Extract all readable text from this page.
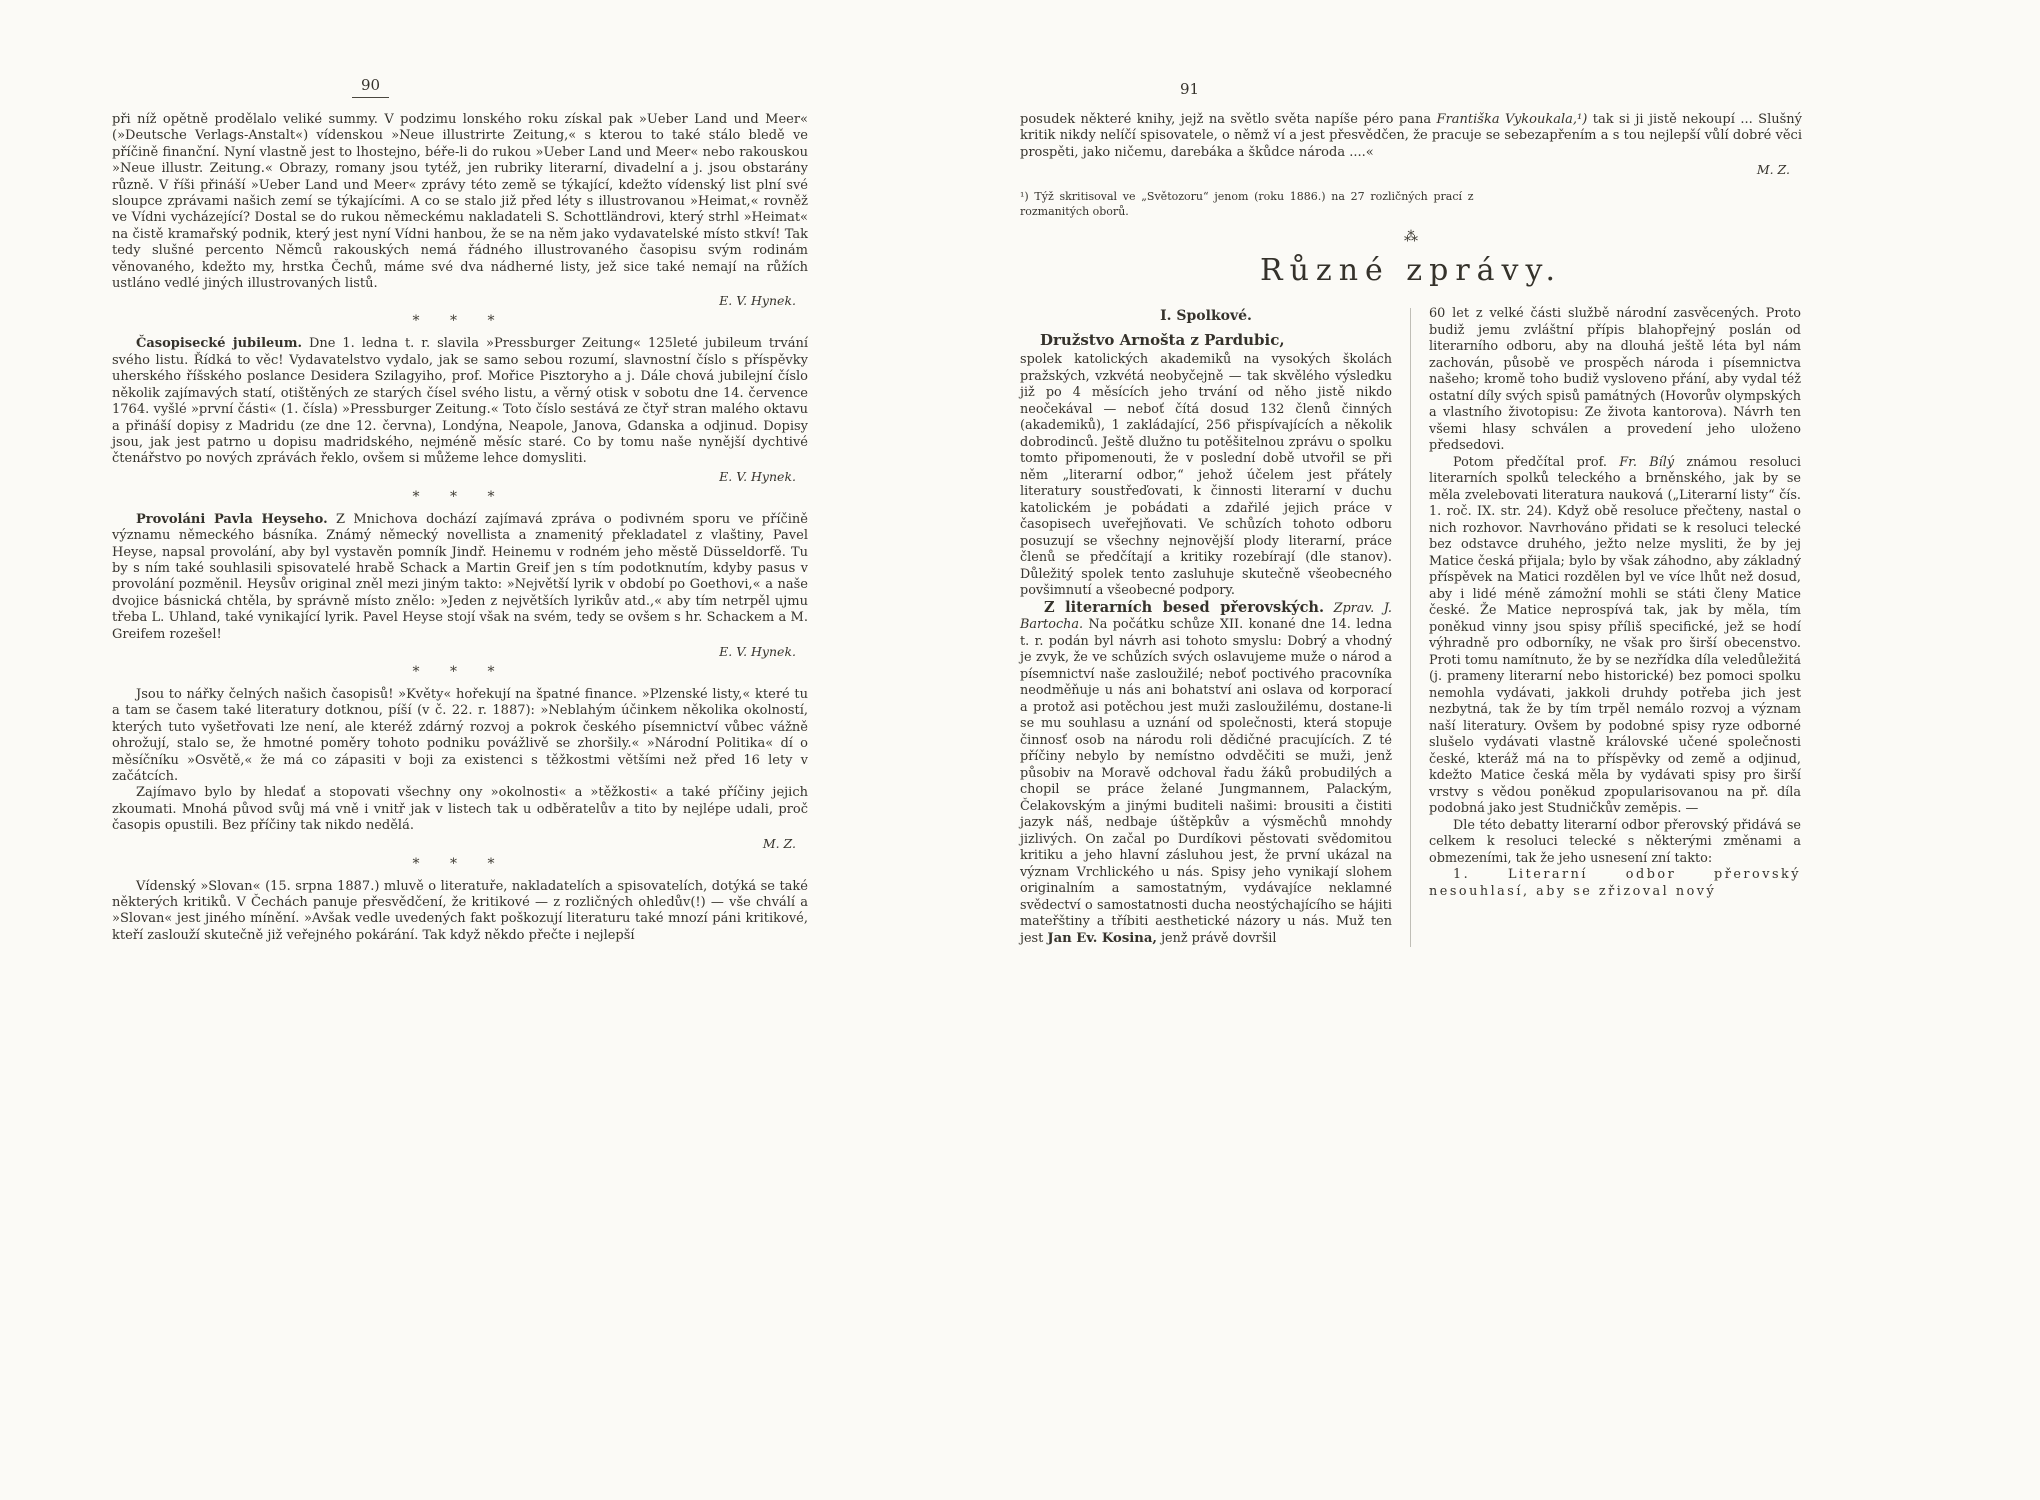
90

při níž opětně prodělalo veliké summy. V podzimu lonského roku získal pak »Ueber Land und Meer« (»Deutsche Verlags-Anstalt«) vídenskou »Neue illustrirte Zeitung,« s kterou to také stálo bledě ve příčině finanční. Nyní vlastně jest to lhostejno, béře-li do rukou »Ueber Land und Meer« nebo rakouskou »Neue illustr. Zeitung.« Obrazy, romany jsou tytéž, jen rubriky literarní, divadelní a j. jsou obstarány různě. V říši přináší »Ueber Land und Meer« zprávy této země se týkající, kdežto vídenský list plní své sloupce zprávami našich zemí se týkajícími. A co se stalo již před léty s illustrovanou »Heimat,« rovněž ve Vídni vycházející? Dostal se do rukou německému nakladateli S. Schottländrovi, který strhl »Heimat« na čistě kramařský podnik, který jest nyní Vídni hanbou, že se na něm jako vydavatelské místo stkví! Tak tedy slušné percento Němců rakouských nemá řádného illustrovaného časopisu svým rodinám věnovaného, kdežto my, hrstka Čechů, máme své dva nádherné listy, jež sice také nemají na růžích ustláno vedlé jiných illustrovaných listů.

E. V. Hynek.
* * *

Časopisecké jubileum. Dne 1. ledna t. r. slavila »Pressburger Zeitung« 125leté jubileum trvání svého listu. Řídká to věc! Vydavatelstvo vydalo, jak se samo sebou rozumí, slavnostní číslo s příspěvky uherského říšského poslance Desidera Szilagyiho, prof. Mořice Pisztoryho a j. Dále chová jubilejní číslo několik zajímavých statí, otištěných ze starých čísel svého listu, a věrný otisk v sobotu dne 14. července 1764. vyšlé »první části« (1. čísla) »Pressburger Zeitung.« Toto číslo sestává ze čtyř stran malého oktavu a přináší dopisy z Madridu (ze dne 12. června), Londýna, Neapole, Janova, Gdanska a odjinud. Dopisy jsou, jak jest patrno u dopisu madridského, nejméně měsíc staré. Co by tomu naše nynější dychtivé čtenářstvo po nových zprávách řeklo, ovšem si můžeme lehce domysliti.

E. V. Hynek.
* * *

Provoláni Pavla Heyseho. Z Mnichova dochází zajímavá zpráva o podivném sporu ve příčině významu německého básníka. Známý německý novellista a znamenitý překladatel z vlaštiny, Pavel Heyse, napsal provolání, aby byl vystavěn pomník Jindř. Heinemu v rodném jeho městě Düsseldorfě. Tu by s ním také souhlasili spisovatelé hrabě Schack a Martin Greif jen s tím podotknutím, kdyby pasus v provolání pozměnil. Heysův original zněl mezi jiným takto: »Největší lyrik v období po Goethovi,« a naše dvojice básnická chtěla, by správně místo znělo: »Jeden z největších lyrikův atd.,« aby tím netrpěl ujmu třeba L. Uhland, také vynikající lyrik. Pavel Heyse stojí však na svém, tedy se ovšem s hr. Schackem a M. Greifem rozešel!

E. V. Hynek.
* * *

Jsou to nářky čelných našich časopisů! »Květy« hořekují na špatné finance. »Plzenské listy,« které tu a tam se časem také literatury dotknou, píší (v č. 22. r. 1887): »Neblahým účinkem několika okolností, kterých tuto vyšetřovati lze není, ale kteréž zdárný rozvoj a pokrok českého písemnictví vůbec vážně ohrožují, stalo se, že hmotné poměry tohoto podniku povážlivě se zhoršily.« »Národní Politika« dí o měsíčníku »Osvětě,« že má co zápasiti v boji za existenci s těžkostmi většími než před 16 lety v začátcích.

Zajímavo bylo by hledať a stopovati všechny ony »okolnosti« a »těžkosti« a také příčiny jejich zkoumati. Mnohá původ svůj má vně i vnitř jak v listech tak u odběratelův a tito by nejlépe udali, proč časopis opustili. Bez příčiny tak nikdo nedělá.

M. Z.
* * *

Vídenský »Slovan« (15. srpna 1887.) mluvě o literatuře, nakladatelích a spisovatelích, dotýká se také některých kritiků. V Čechách panuje přesvědčení, že kritikové — z rozličných ohledův(!) — vše chválí a »Slovan« jest jiného mínění. »Avšak vedle uvedených fakt poškozují literaturu také mnozí páni kritikové, kteří zaslouží skutečně již veřejného pokárání. Tak když někdo přečte i nejlepší

91

posudek některé knihy, jejž na světlo světa napíše péro pana Františka Vykoukala,¹) tak si ji jistě nekoupí ... Slušný kritik nikdy nelíčí spisovatele, o němž ví a jest přesvědčen, že pracuje se sebezapřením a s tou nejlepší vůlí dobré věci prospěti, jako ničemu, darebáka a škůdce národa ....«

M. Z.

¹) Týž skritisoval ve „Světozoru“ jenom (roku 1886.) na 27 rozličných prací z rozmanitých oborů.

⁂
Různé zprávy.
I. Spolkové.

Družstvo Arnošta z Pardubic,
spolek katolických akademiků na vysokých školách pražských, vzkvétá neobyčejně — tak skvělého výsledku již po 4 měsících jeho trvání od něho jistě nikdo neočekával — neboť čítá dosud 132 členů činných (akademiků), 1 zakládající, 256 přispívajících a několik dobrodinců. Ještě dlužno tu potěšitelnou zprávu o spolku tomto připomenouti, že v poslední době utvořil se při něm „literarní odbor,“ jehož účelem jest přátely literatury soustřeďovati, k činnosti literarní v duchu katolickém je pobádati a zdařilé jejich práce v časopisech uveřejňovati. Ve schůzích tohoto odboru posuzují se všechny nejnovější plody literarní, práce členů se předčítají a kritiky rozebírají (dle stanov). Důležitý spolek tento zasluhuje skutečně všeobecného povšimnutí a všeobecné podpory.

Z literarních besed přerovských. Zprav. J. Bartocha. Na počátku schůze XII. konané dne 14. ledna t. r. podán byl návrh asi tohoto smyslu: Dobrý a vhodný je zvyk, že ve schůzích svých oslavujeme muže o národ a písemnictví naše zasloužilé; neboť poctivého pracovníka neodměňuje u nás ani bohatství ani oslava od korporací a protož asi potěchou jest muži zasloužilému, dostane-li se mu souhlasu a uznání od společnosti, která stopuje činnosť osob na národu roli dědičné pracujících. Z té příčiny nebylo by nemístno odvděčiti se muži, jenž působiv na Moravě odchoval řadu žáků probudilých a chopil se práce želané Jungmannem, Palackým, Čelakovským a jinými buditeli našimi: brousiti a čistiti jazyk náš, nedbaje úštěpkův a výsměchů mnohdy jizlivých. On začal po Durdíkovi pěstovati svědomitou kritiku a jeho hlavní zásluhou jest, že první ukázal na význam Vrchlického u nás. Spisy jeho vynikají slohem originalním a samostatným, vydávajíce neklamné svědectví o samostatnosti ducha neostýchajícího se hájiti mateřštiny a tříbiti aesthetické názory u nás. Muž ten jest Jan Ev. Kosina, jenž právě dovršil

60 let z velké části službě národní zasvěcených. Proto budiž jemu zvláštní přípis blahopřejný poslán od literarního odboru, aby na dlouhá ještě léta byl nám zachován, působě ve prospěch národa i písemnictva našeho; kromě toho budiž vysloveno přání, aby vydal též ostatní díly svých spisů památných (Hovorův olympských a vlastního životopisu: Ze života kantorova). Návrh ten všemi hlasy schválen a provedení jeho uloženo předsedovi.

Potom předčítal prof. Fr. Bílý známou resoluci literarních spolků teleckého a brněnského, jak by se měla zvelebovati literatura nauková („Literarní listy“ čís. 1. roč. IX. str. 24). Když obě resoluce přečteny, nastal o nich rozhovor. Navrhováno přidati se k resoluci telecké bez odstavce druhého, ježto nelze mysliti, že by jej Matice česká přijala; bylo by však záhodno, aby základný příspěvek na Matici rozdělen byl ve více lhůt než dosud, aby i lidé méně zámožní mohli se státi členy Matice české. Že Matice neprospívá tak, jak by měla, tím poněkud vinny jsou spisy příliš specifické, jež se hodí výhradně pro odborníky, ne však pro širší obecenstvo. Proti tomu namítnuto, že by se nezřídka díla veledůležitá (j. prameny literarní nebo historické) bez pomoci spolku nemohla vydávati, jakkoli druhdy potřeba jich jest nezbytná, tak že by tím trpěl nemálo rozvoj a význam naší literatury. Ovšem by podobné spisy ryze odborné slušelo vydávati vlastně královské učené společnosti české, kteráž má na to příspěvky od země a odjinud, kdežto Matice česká měla by vydávati spisy pro širší vrstvy s vědou poněkud zpopularisovanou na př. díla podobná jako jest Studničkův zeměpis. —

Dle této debatty literarní odbor přerovský přidává se celkem k resoluci telecké s některými změnami a obmezeními, tak že jeho usnesení zní takto:

1. Literarní odbor přerovský nesouhlasí, aby se zřizoval nový
